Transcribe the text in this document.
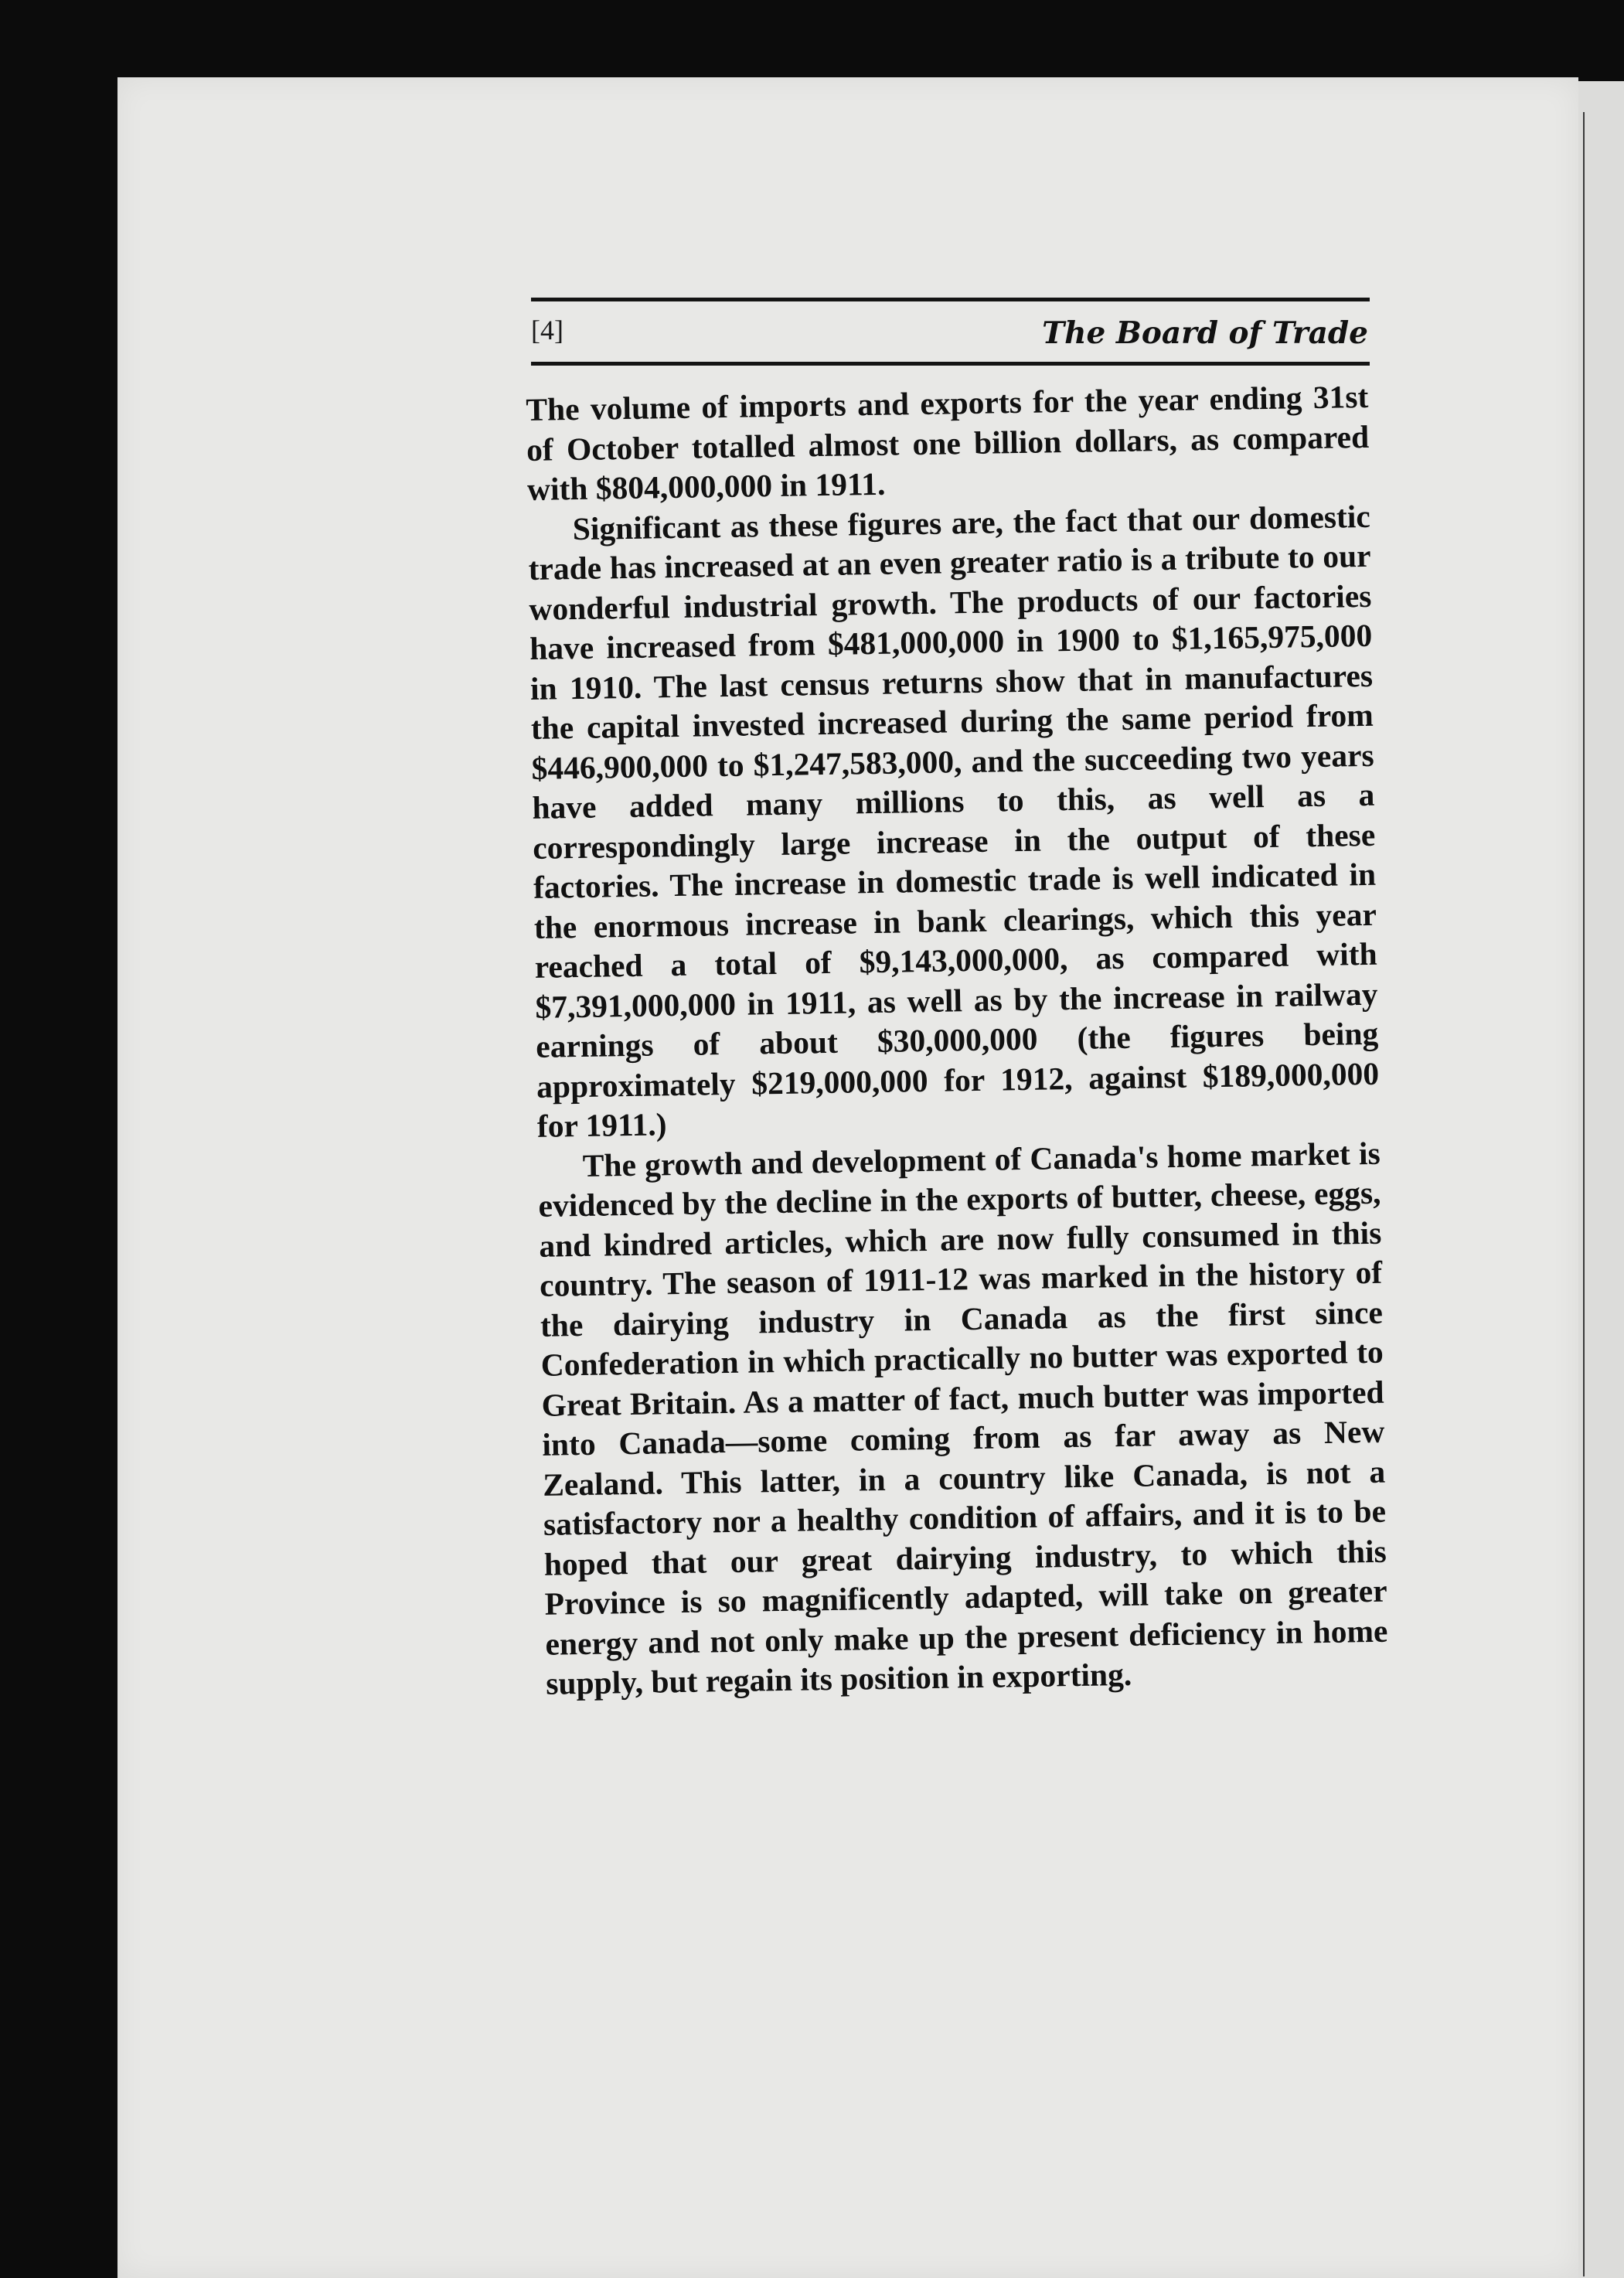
[4]	The Board of Trade

The volume of imports and exports for the year ending 31st of October totalled almost one billion dollars, as compared with $804,000,000 in 1911.

Significant as these figures are, the fact that our domestic trade has increased at an even greater ratio is a tribute to our wonderful industrial growth. The products of our factories have increased from $481,000,000 in 1900 to $1,165,975,000 in 1910. The last census returns show that in manufactures the capital invested increased during the same period from $446,900,000 to $1,247,583,000, and the succeeding two years have added many millions to this, as well as a correspondingly large increase in the output of these factories. The increase in domestic trade is well indicated in the enormous increase in bank clearings, which this year reached a total of $9,143,000,000, as compared with $7,391,000,000 in 1911, as well as by the increase in railway earnings of about $30,000,000 (the figures being approximately $219,000,000 for 1912, against $189,000,000 for 1911.)

The growth and development of Canada's home market is evidenced by the decline in the exports of butter, cheese, eggs, and kindred articles, which are now fully consumed in this country. The season of 1911-12 was marked in the history of the dairying industry in Canada as the first since Confederation in which practically no butter was exported to Great Britain. As a matter of fact, much butter was imported into Canada—some coming from as far away as New Zealand. This latter, in a country like Canada, is not a satisfactory nor a healthy condition of affairs, and it is to be hoped that our great dairying industry, to which this Province is so magnificently adapted, will take on greater energy and not only make up the present deficiency in home supply, but regain its position in exporting.
